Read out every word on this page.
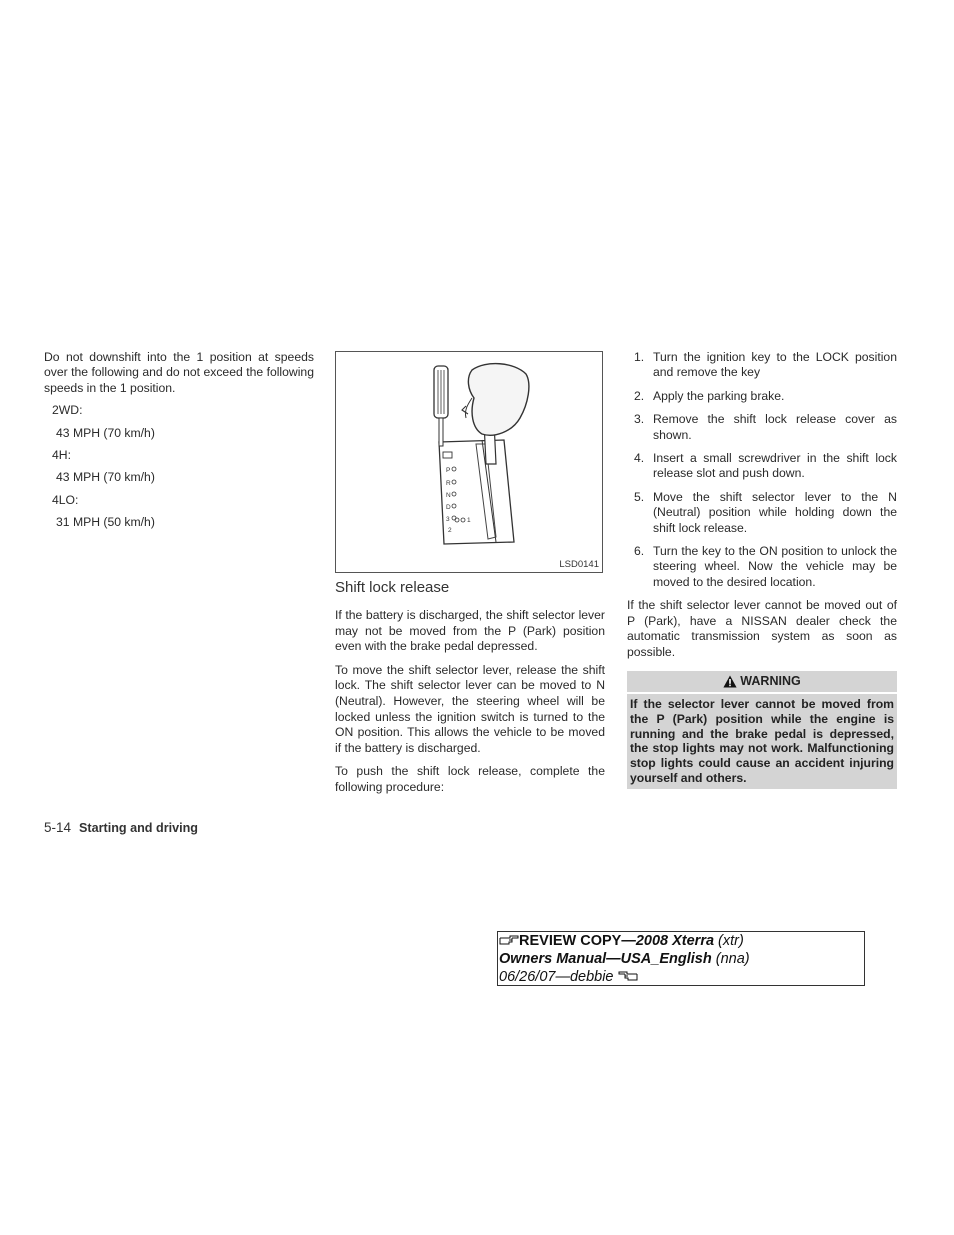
Do not downshift into the 1 position at speeds over the following and do not exceed the following speeds in the 1 position.

2WD:

43 MPH (70 km/h)

4H:

43 MPH (70 km/h)

4LO:

31 MPH (50 km/h)

P
R
N
D
3
2
1
LSD0141
Shift lock release

If the battery is discharged, the shift selector lever may not be moved from the P (Park) position even with the brake pedal depressed.

To move the shift selector lever, release the shift lock. The shift selector lever can be moved to N (Neutral). However, the steering wheel will be locked unless the ignition switch is turned to the ON position. This allows the vehicle to be moved if the battery is discharged.

To push the shift lock release, complete the following procedure:

1. Turn the ignition key to the LOCK position and remove the key
2. Apply the parking brake.
3. Remove the shift lock release cover as shown.
4. Insert a small screwdriver in the shift lock release slot and push down.
5. Move the shift selector lever to the N (Neutral) position while holding down the shift lock release.
6. Turn the key to the ON position to unlock the steering wheel. Now the vehicle may be moved to the desired location.

If the shift selector lever cannot be moved out of P (Park), have a NISSAN dealer check the automatic transmission system as soon as possible.

WARNING

If the selector lever cannot be moved from the P (Park) position while the engine is running and the brake pedal is depressed, the stop lights may not work. Malfunctioning stop lights could cause an accident injuring yourself and others.

5-14 Starting and driving
REVIEW COPY—2008 Xterra (xtr)
Owners Manual—USA_English (nna)
06/26/07—debbie
